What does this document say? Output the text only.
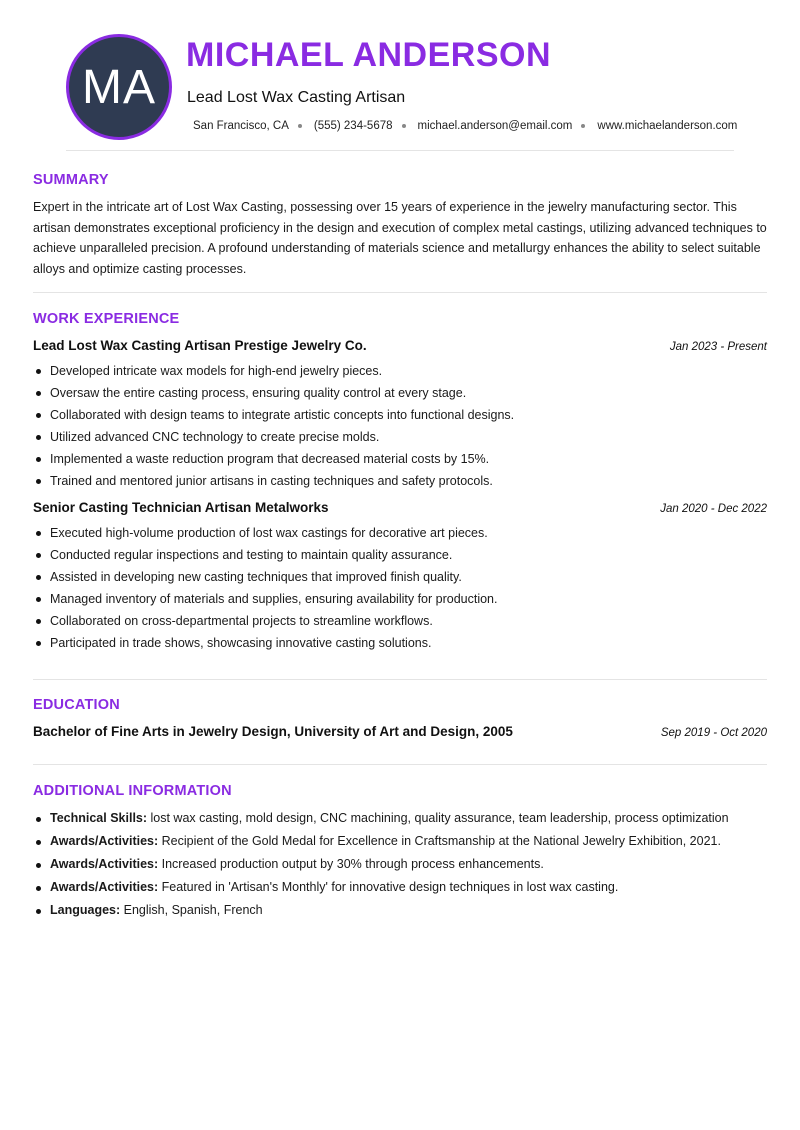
MA
MICHAEL ANDERSON
Lead Lost Wax Casting Artisan
San Francisco, CA (555) 234-5678 michael.anderson@email.com www.michaelanderson.com
SUMMARY
Expert in the intricate art of Lost Wax Casting, possessing over 15 years of experience in the jewelry manufacturing sector. This artisan demonstrates exceptional proficiency in the design and execution of complex metal castings, utilizing advanced techniques to achieve unparalleled precision. A profound understanding of materials science and metallurgy enhances the ability to select suitable alloys and optimize casting processes.
WORK EXPERIENCE
Lead Lost Wax Casting Artisan Prestige Jewelry Co.	Jan 2023 - Present
Developed intricate wax models for high-end jewelry pieces.
Oversaw the entire casting process, ensuring quality control at every stage.
Collaborated with design teams to integrate artistic concepts into functional designs.
Utilized advanced CNC technology to create precise molds.
Implemented a waste reduction program that decreased material costs by 15%.
Trained and mentored junior artisans in casting techniques and safety protocols.
Senior Casting Technician Artisan Metalworks	Jan 2020 - Dec 2022
Executed high-volume production of lost wax castings for decorative art pieces.
Conducted regular inspections and testing to maintain quality assurance.
Assisted in developing new casting techniques that improved finish quality.
Managed inventory of materials and supplies, ensuring availability for production.
Collaborated on cross-departmental projects to streamline workflows.
Participated in trade shows, showcasing innovative casting solutions.
EDUCATION
Bachelor of Fine Arts in Jewelry Design, University of Art and Design, 2005	Sep 2019 - Oct 2020
ADDITIONAL INFORMATION
Technical Skills: lost wax casting, mold design, CNC machining, quality assurance, team leadership, process optimization
Awards/Activities: Recipient of the Gold Medal for Excellence in Craftsmanship at the National Jewelry Exhibition, 2021.
Awards/Activities: Increased production output by 30% through process enhancements.
Awards/Activities: Featured in 'Artisan's Monthly' for innovative design techniques in lost wax casting.
Languages: English, Spanish, French
